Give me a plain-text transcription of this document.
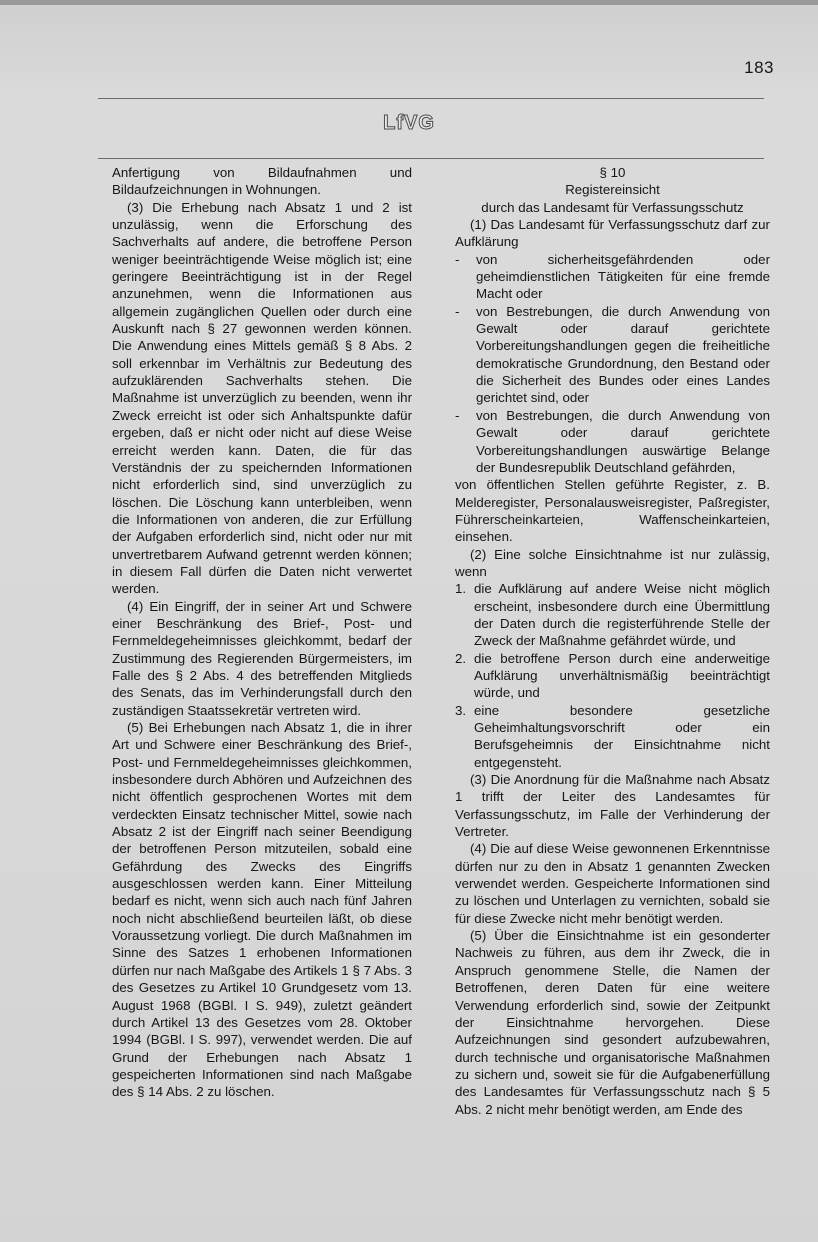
183
LfVG

Anfertigung von Bildaufnahmen und Bildaufzeichnungen in Wohnungen.

(3) Die Erhebung nach Absatz 1 und 2 ist unzulässig, wenn die Erforschung des Sachverhalts auf andere, die betroffene Person weniger beeinträchtigende Weise möglich ist; eine geringere Beeinträchtigung ist in der Regel anzunehmen, wenn die Informationen aus allgemein zugänglichen Quellen oder durch eine Auskunft nach § 27 gewonnen werden können. Die Anwendung eines Mittels gemäß § 8 Abs. 2 soll erkennbar im Verhältnis zur Bedeutung des aufzuklärenden Sachverhalts stehen. Die Maßnahme ist unverzüglich zu beenden, wenn ihr Zweck erreicht ist oder sich Anhaltspunkte dafür ergeben, daß er nicht oder nicht auf diese Weise erreicht werden kann. Daten, die für das Verständnis der zu speichernden Informationen nicht erforderlich sind, sind unverzüglich zu löschen. Die Löschung kann unterbleiben, wenn die Informationen von anderen, die zur Erfüllung der Aufgaben erforderlich sind, nicht oder nur mit unvertretbarem Aufwand getrennt werden können; in diesem Fall dürfen die Daten nicht verwertet werden.

(4) Ein Eingriff, der in seiner Art und Schwere einer Beschränkung des Brief-, Post- und Fernmeldegeheimnisses gleichkommt, bedarf der Zustimmung des Regierenden Bürgermeisters, im Falle des § 2 Abs. 4 des betreffenden Mitglieds des Senats, das im Verhinderungsfall durch den zuständigen Staatssekretär vertreten wird.

(5) Bei Erhebungen nach Absatz 1, die in ihrer Art und Schwere einer Beschränkung des Brief-, Post- und Fernmeldegeheimnisses gleichkommen, insbesondere durch Abhören und Aufzeichnen des nicht öffentlich gesprochenen Wortes mit dem verdeckten Einsatz technischer Mittel, sowie nach Absatz 2 ist der Eingriff nach seiner Beendigung der betroffenen Person mitzuteilen, sobald eine Gefährdung des Zwecks des Eingriffs ausgeschlossen werden kann. Einer Mitteilung bedarf es nicht, wenn sich auch nach fünf Jahren noch nicht abschließend beurteilen läßt, ob diese Voraussetzung vorliegt. Die durch Maßnahmen im Sinne des Satzes 1 erhobenen Informationen dürfen nur nach Maßgabe des Artikels 1 § 7 Abs. 3 des Gesetzes zu Artikel 10 Grundgesetz vom 13. August 1968 (BGBl. I S. 949), zuletzt geändert durch Artikel 13 des Gesetzes vom 28. Oktober 1994 (BGBl. I S. 997), verwendet werden. Die auf Grund der Erhebungen nach Absatz 1 gespeicherten Informationen sind nach Maßgabe des § 14 Abs. 2 zu löschen.

§ 10

Registereinsicht

durch das Landesamt für Verfassungsschutz

(1) Das Landesamt für Verfassungsschutz darf zur Aufklärung

-	von sicherheitsgefährdenden oder geheimdienstlichen Tätigkeiten für eine fremde Macht oder
-	von Bestrebungen, die durch Anwendung von Gewalt oder darauf gerichtete Vorbereitungshandlungen gegen die freiheitliche demokratische Grundordnung, den Bestand oder die Sicherheit des Bundes oder eines Landes gerichtet sind, oder
-	von Bestrebungen, die durch Anwendung von Gewalt oder darauf gerichtete Vorbereitungshandlungen auswärtige Belange der Bundesrepublik Deutschland gefährden,

von öffentlichen Stellen geführte Register, z. B. Melderegister, Personalausweisregister, Paßregister, Führerscheinkarteien, Waffenscheinkarteien, einsehen.

(2) Eine solche Einsichtnahme ist nur zulässig, wenn

1. die Aufklärung auf andere Weise nicht möglich erscheint, insbesondere durch eine Übermittlung der Daten durch die registerführende Stelle der Zweck der Maßnahme gefährdet würde, und
2. die betroffene Person durch eine anderweitige Aufklärung unverhältnismäßig beeinträchtigt würde, und
3. eine besondere gesetzliche Geheimhaltungsvorschrift oder ein Berufsgeheimnis der Einsichtnahme nicht entgegensteht.

(3) Die Anordnung für die Maßnahme nach Absatz 1 trifft der Leiter des Landesamtes für Verfassungsschutz, im Falle der Verhinderung der Vertreter.

(4) Die auf diese Weise gewonnenen Erkenntnisse dürfen nur zu den in Absatz 1 genannten Zwecken verwendet werden. Gespeicherte Informationen sind zu löschen und Unterlagen zu vernichten, sobald sie für diese Zwecke nicht mehr benötigt werden.

(5) Über die Einsichtnahme ist ein gesonderter Nachweis zu führen, aus dem ihr Zweck, die in Anspruch genommene Stelle, die Namen der Betroffenen, deren Daten für eine weitere Verwendung erforderlich sind, sowie der Zeitpunkt der Einsichtnahme hervorgehen. Diese Aufzeichnungen sind gesondert aufzubewahren, durch technische und organisatorische Maßnahmen zu sichern und, soweit sie für die Aufgabenerfüllung des Landesamtes für Verfassungsschutz nach § 5 Abs. 2 nicht mehr benötigt werden, am Ende des
